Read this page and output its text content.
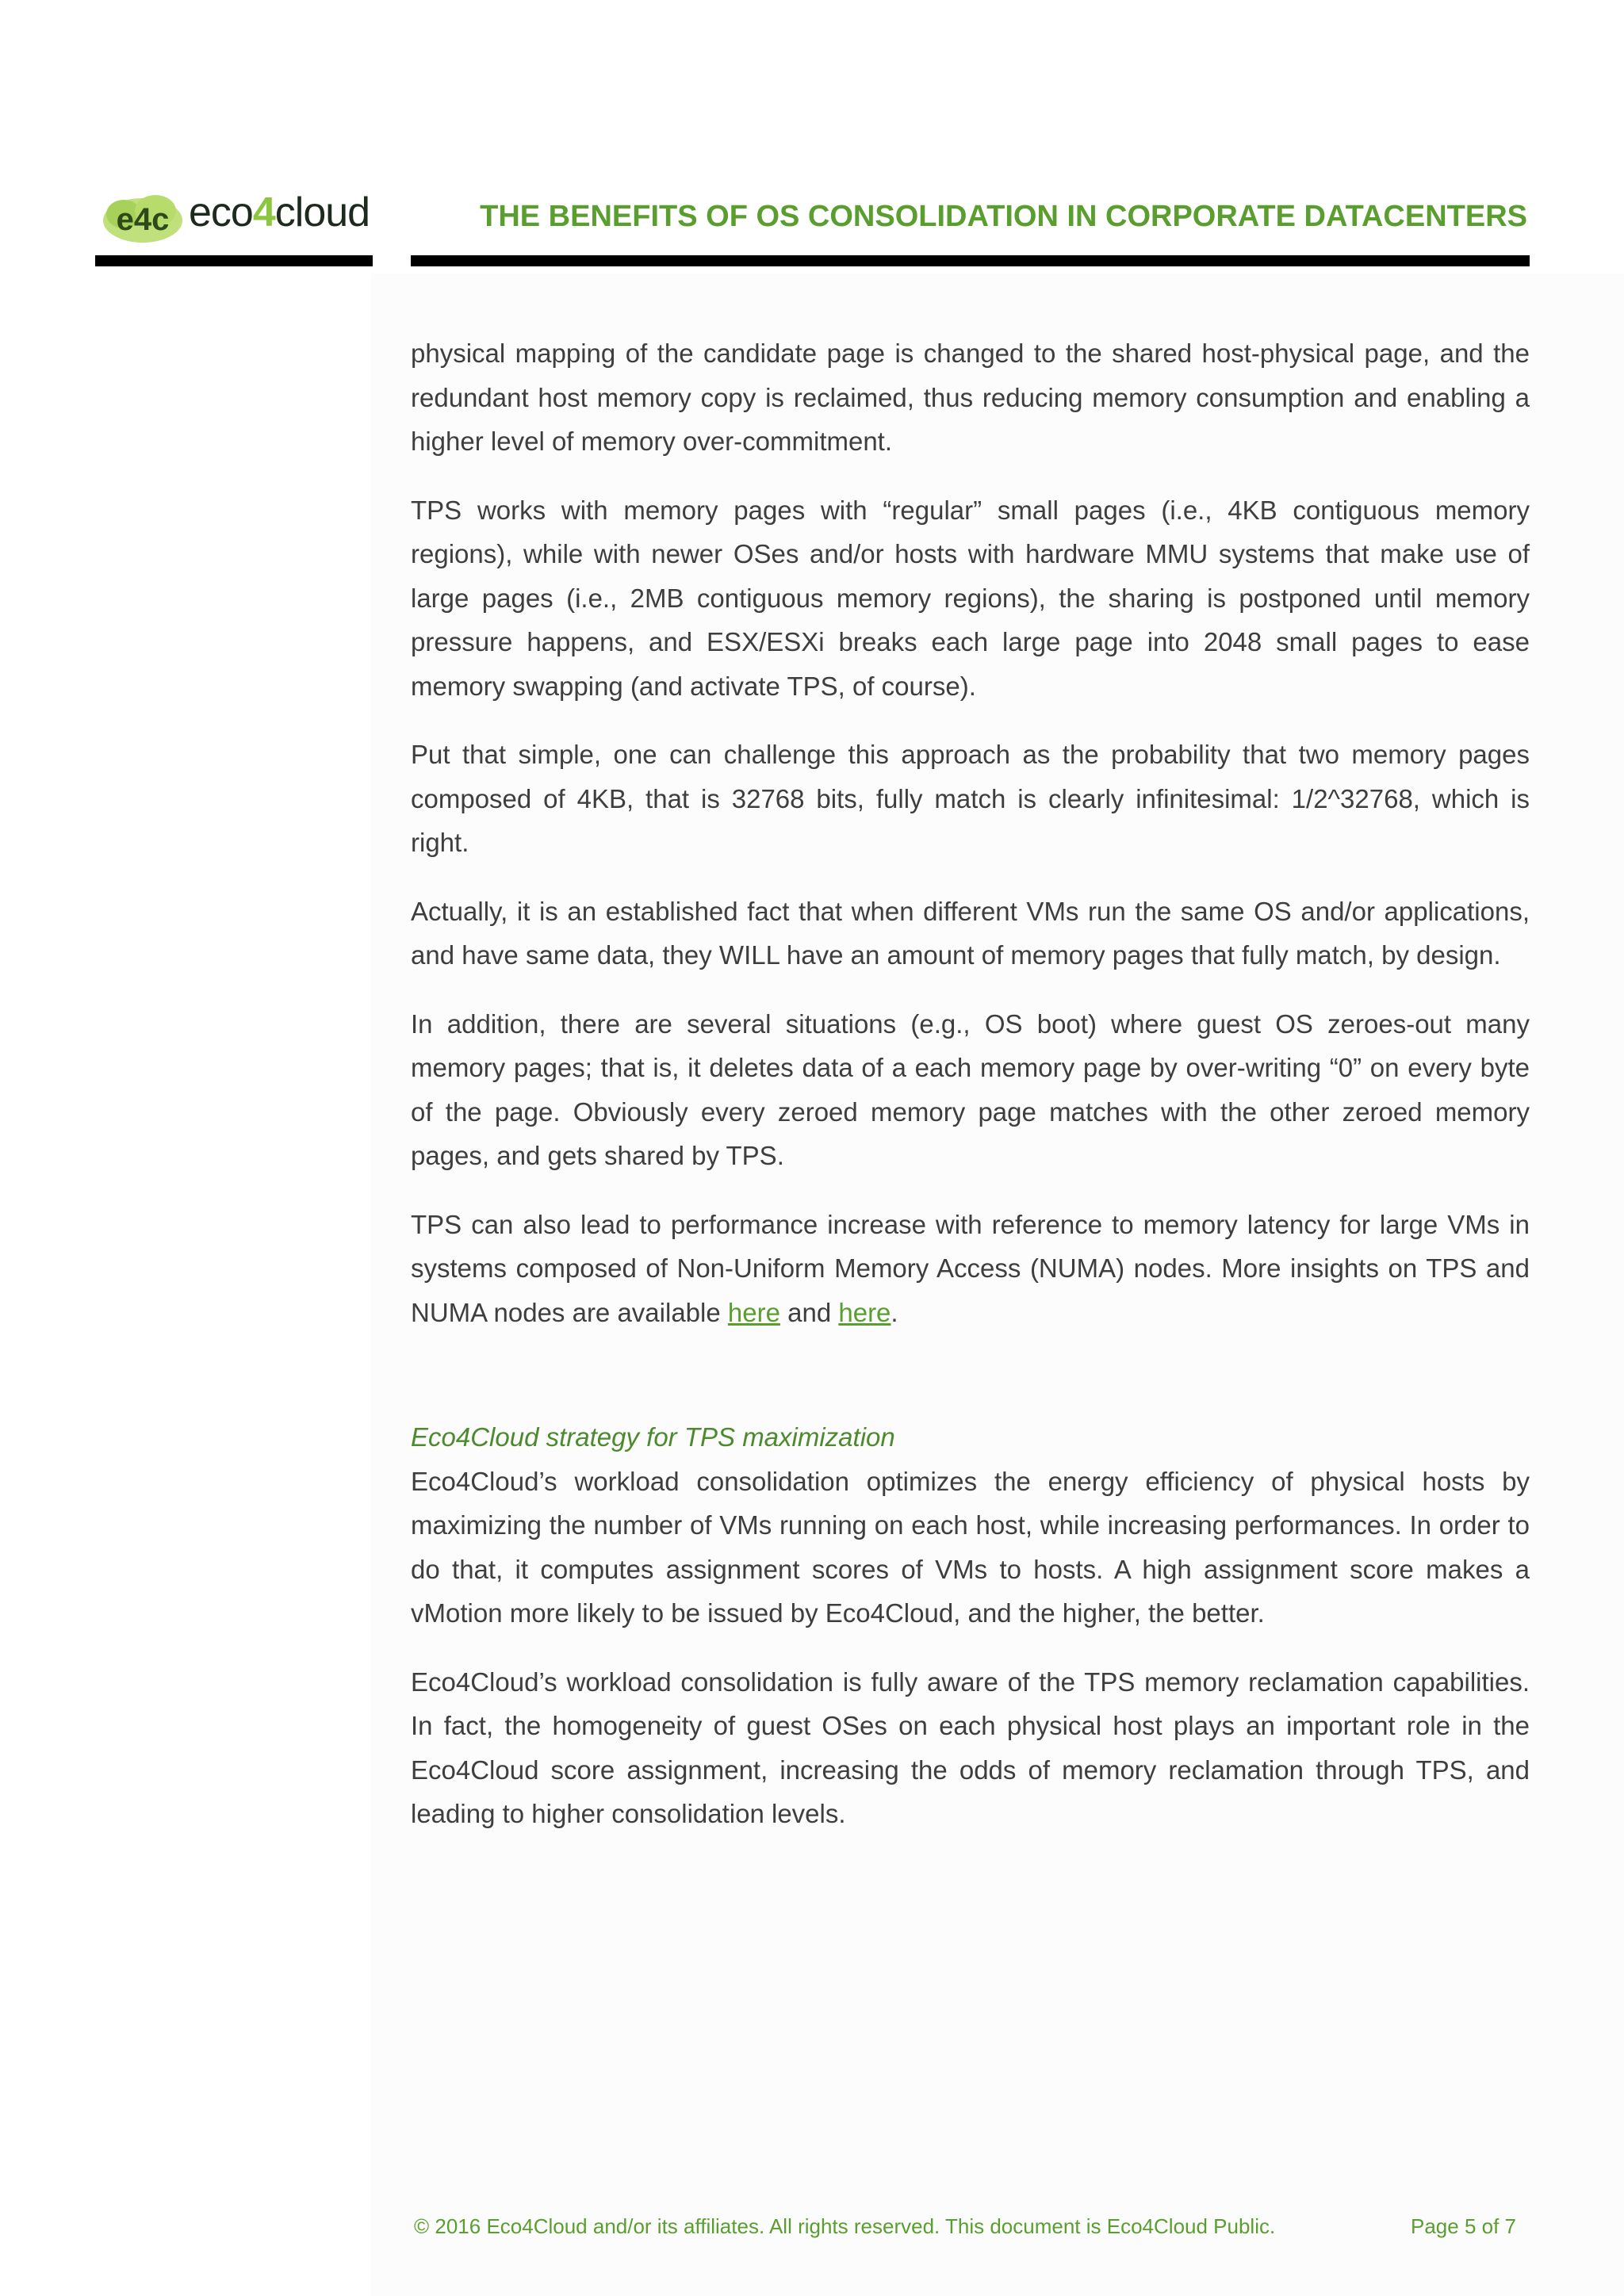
e4c eco4cloud	THE BENEFITS OF OS CONSOLIDATION IN CORPORATE DATACENTERS

physical mapping of the candidate page is changed to the shared host-physical page, and the redundant host memory copy is reclaimed, thus reducing memory consumption and enabling a higher level of memory over-commitment.

TPS works with memory pages with “regular” small pages (i.e., 4KB contiguous memory regions), while with newer OSes and/or hosts with hardware MMU systems that make use of large pages (i.e., 2MB contiguous memory regions), the sharing is postponed until memory pressure happens, and ESX/ESXi breaks each large page into 2048 small pages to ease memory swapping (and activate TPS, of course).

Put that simple, one can challenge this approach as the probability that two memory pages composed of 4KB, that is 32768 bits, fully match is clearly infinitesimal: 1/2^32768, which is right.

Actually, it is an established fact that when different VMs run the same OS and/or applications, and have same data, they WILL have an amount of memory pages that fully match, by design.

In addition, there are several situations (e.g., OS boot) where guest OS zeroes-out many memory pages; that is, it deletes data of a each memory page by over-writing “0” on every byte of the page. Obviously every zeroed memory page matches with the other zeroed memory pages, and gets shared by TPS.

TPS can also lead to performance increase with reference to memory latency for large VMs in systems composed of Non-Uniform Memory Access (NUMA) nodes. More insights on TPS and NUMA nodes are available here and here.

Eco4Cloud strategy for TPS maximization

Eco4Cloud’s workload consolidation optimizes the energy efficiency of physical hosts by maximizing the number of VMs running on each host, while increasing performances. In order to do that, it computes assignment scores of VMs to hosts. A high assignment score makes a vMotion more likely to be issued by Eco4Cloud, and the higher, the better.

Eco4Cloud’s workload consolidation is fully aware of the TPS memory reclamation capabilities. In fact, the homogeneity of guest OSes on each physical host plays an important role in the Eco4Cloud score assignment, increasing the odds of memory reclamation through TPS, and leading to higher consolidation levels.

© 2016 Eco4Cloud and/or its affiliates. All rights reserved. This document is Eco4Cloud Public.	Page 5 of 7
